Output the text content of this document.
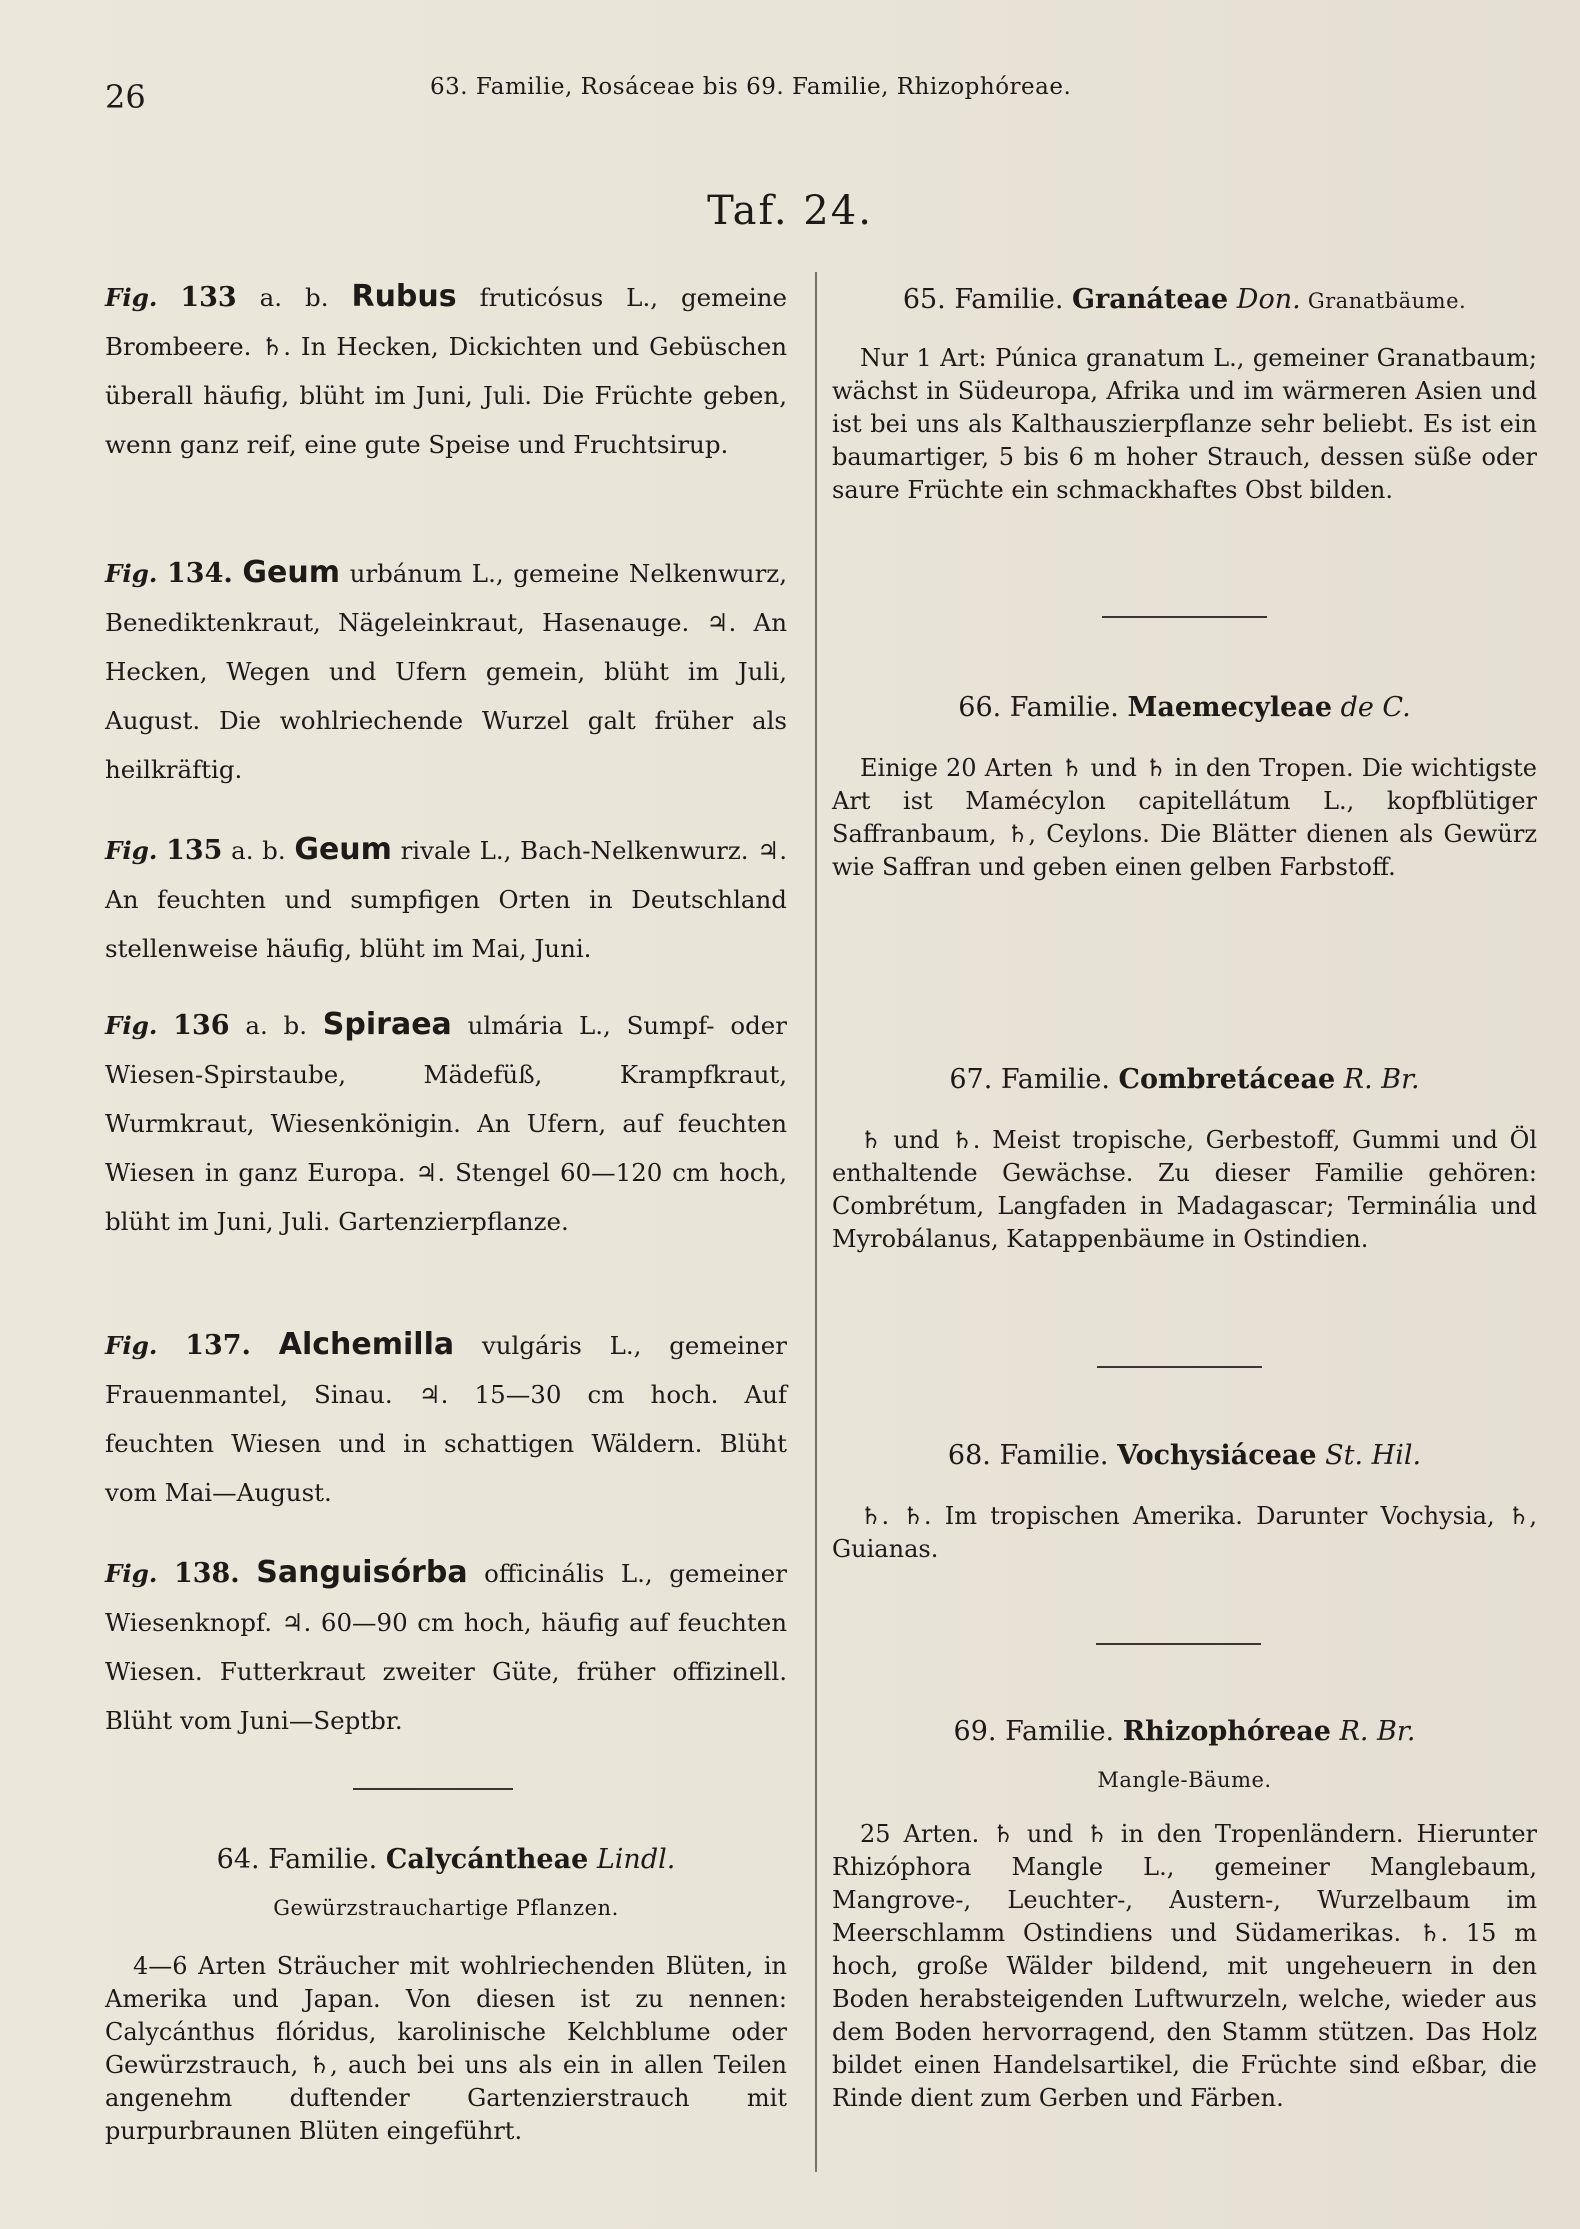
26	63. Familie, Rosáceae bis 69. Familie, Rhizophóreae.
Taf. 24.
Fig. 133 a. b. Rubus fruticósus L., gemeine Brombeere. ♄. In Hecken, Dickichten und Gebüschen überall häufig, blüht im Juni, Juli. Die Früchte geben, wenn ganz reif, eine gute Speise und Fruchtsirup.
Fig. 134. Geum urbánum L., gemeine Nelkenwurz, Benediktenkraut, Nägeleinkraut, Hasenauge. ♃. An Hecken, Wegen und Ufern gemein, blüht im Juli, August. Die wohlriechende Wurzel galt früher als heilkräftig.
Fig. 135 a. b. Geum rivale L., Bach-Nelkenwurz. ♃. An feuchten und sumpfigen Orten in Deutschland stellenweise häufig, blüht im Mai, Juni.
Fig. 136 a. b. Spiraea ulmária L., Sumpf- oder Wiesen-Spirstaube, Mädefüß, Krampfkraut, Wurmkraut, Wiesenkönigin. An Ufern, auf feuchten Wiesen in ganz Europa. ♃. Stengel 60—120 cm hoch, blüht im Juni, Juli. Gartenzierpflanze.
Fig. 137. Alchemilla vulgáris L., gemeiner Frauenmantel, Sinau. ♃. 15—30 cm hoch. Auf feuchten Wiesen und in schattigen Wäldern. Blüht vom Mai—August.
Fig. 138. Sanguisórba officinális L., gemeiner Wiesenknopf. ♃. 60—90 cm hoch, häufig auf feuchten Wiesen. Futterkraut zweiter Güte, früher offizinell. Blüht vom Juni—Septbr.
64. Familie. Calycántheae Lindl.
Gewürzstrauchartige Pflanzen.
4—6 Arten Sträucher mit wohlriechenden Blüten, in Amerika und Japan. Von diesen ist zu nennen: Calycánthus flóridus, karolinische Kelchblume oder Gewürzstrauch, ♄, auch bei uns als ein in allen Teilen angenehm duftender Gartenzierstrauch mit purpurbraunen Blüten eingeführt.
65. Familie. Granáteae Don. Granatbäume.
Nur 1 Art: Púnica granatum L., gemeiner Granatbaum; wächst in Südeuropa, Afrika und im wärmeren Asien und ist bei uns als Kalthauszierpflanze sehr beliebt. Es ist ein baumartiger, 5 bis 6 m hoher Strauch, dessen süße oder saure Früchte ein schmackhaftes Obst bilden.
66. Familie. Maemecyleae de C.
Einige 20 Arten ♄ und ♄ in den Tropen. Die wichtigste Art ist Mamécylon capitellátum L., kopfblütiger Saffranbaum, ♄, Ceylons. Die Blätter dienen als Gewürz wie Saffran und geben einen gelben Farbstoff.
67. Familie. Combretáceae R. Br.
♄ und ♄. Meist tropische, Gerbestoff, Gummi und Öl enthaltende Gewächse. Zu dieser Familie gehören: Combrétum, Langfaden in Madagascar; Terminália und Myrobálanus, Katappenbäume in Ostindien.
68. Familie. Vochysiáceae St. Hil.
♄. ♄. Im tropischen Amerika. Darunter Vochysia, ♄, Guianas.
69. Familie. Rhizophóreae R. Br.
Mangle-Bäume.
25 Arten. ♄ und ♄ in den Tropenländern. Hierunter Rhizóphora Mangle L., gemeiner Manglebaum, Mangrove-, Leuchter-, Austern-, Wurzelbaum im Meerschlamm Ostindiens und Südamerikas. ♄. 15 m hoch, große Wälder bildend, mit ungeheuern in den Boden herabsteigenden Luftwurzeln, welche, wieder aus dem Boden hervorragend, den Stamm stützen. Das Holz bildet einen Handelsartikel, die Früchte sind eßbar, die Rinde dient zum Gerben und Färben.
